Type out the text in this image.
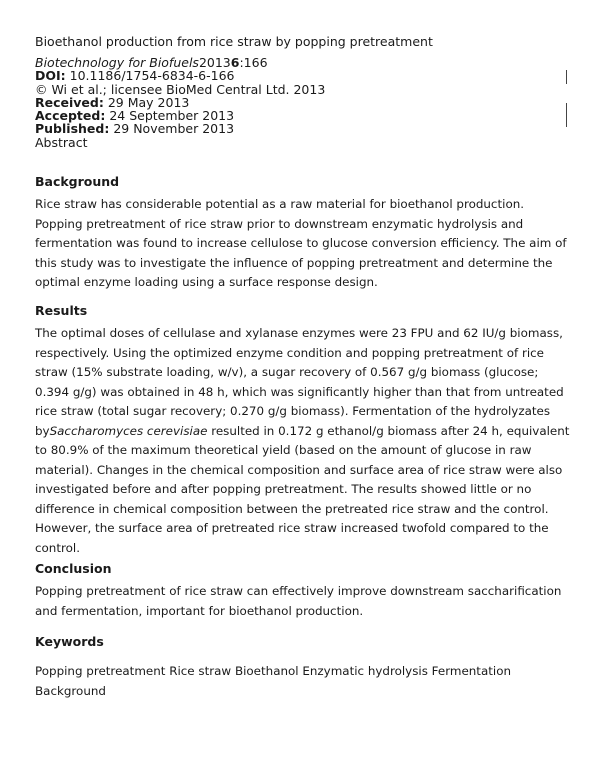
Bioethanol production from rice straw by popping pretreatment
Biotechnology for Biofuels20136:166
DOI: 10.1186/1754-6834-6-166
© Wi et al.; licensee BioMed Central Ltd. 2013
Received: 29 May 2013
Accepted: 24 September 2013
Published: 29 November 2013
Abstract
Background
Rice straw has considerable potential as a raw material for bioethanol production.
Popping pretreatment of rice straw prior to downstream enzymatic hydrolysis and
fermentation was found to increase cellulose to glucose conversion efficiency. The aim of
this study was to investigate the influence of popping pretreatment and determine the
optimal enzyme loading using a surface response design.
Results
The optimal doses of cellulase and xylanase enzymes were 23 FPU and 62 IU/g biomass,
respectively. Using the optimized enzyme condition and popping pretreatment of rice
straw (15% substrate loading, w/v), a sugar recovery of 0.567 g/g biomass (glucose;
0.394 g/g) was obtained in 48 h, which was significantly higher than that from untreated
rice straw (total sugar recovery; 0.270 g/g biomass). Fermentation of the hydrolyzates
bySaccharomyces cerevisiae resulted in 0.172 g ethanol/g biomass after 24 h, equivalent
to 80.9% of the maximum theoretical yield (based on the amount of glucose in raw
material). Changes in the chemical composition and surface area of rice straw were also
investigated before and after popping pretreatment. The results showed little or no
difference in chemical composition between the pretreated rice straw and the control.
However, the surface area of pretreated rice straw increased twofold compared to the
control.
Conclusion
Popping pretreatment of rice straw can effectively improve downstream saccharification
and fermentation, important for bioethanol production.
Keywords
Popping pretreatment Rice straw Bioethanol Enzymatic hydrolysis Fermentation
Background
